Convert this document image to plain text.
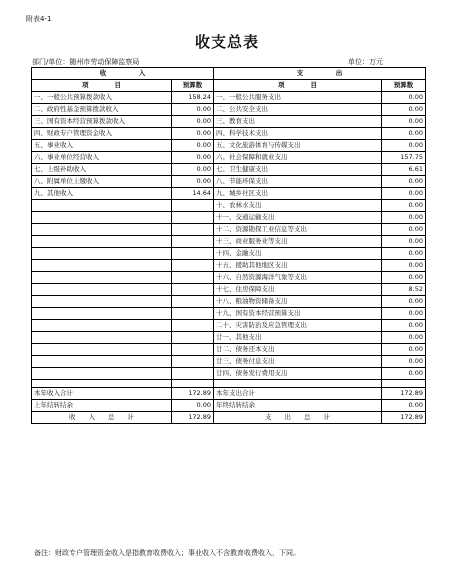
附表4-1
收支总表
部门/单位：随州市劳动保障监察局	单位：万元
收　　　　　入		支　　　　　出	
项　　　　目	预算数	项　　　　目	预算数
一、一般公共预算拨款收入	158.24	一、一般公共服务支出	0.00
二、政府性基金预算拨款收入	0.00	二、公共安全支出	0.00
三、国有资本经营预算拨款收入	0.00	三、教育支出	0.00
四、财政专户管理资金收入	0.00	四、科学技术支出	0.00
五、事业收入	0.00	五、文化旅游体育与传媒支出	0.00
六、事业单位经营收入	0.00	六、社会保障和就业支出	157.75
七、上级补助收入	0.00	七、卫生健康支出	6.61
八、附属单位上缴收入	0.00	八、节能环保支出	0.00
九、其他收入	14.64	九、城乡社区支出	0.00
		十、农林水支出	0.00
		十一、交通运输支出	0.00
		十二、资源勘探工业信息等支出	0.00
		十三、商业服务业等支出	0.00
		十四、金融支出	0.00
		十五、援助其他地区支出	0.00
		十六、自然资源海洋气象等支出	0.00
		十七、住房保障支出	8.52
		十八、粮油物资储备支出	0.00
		十九、国有资本经营预算支出	0.00
		二十、灾害防治及应急管理支出	0.00
		廿一、其他支出	0.00
		廿二、债务还本支出	0.00
		廿三、债务付息支出	0.00
		廿四、债务发行费用支出	0.00

本年收入合计	172.89	本年支出合计	172.89
上年结转结余	0.00	年终结转结余	0.00
收　　入　　总　　计	172.89	支　　出　　总　　计	172.89
备注：财政专户管理资金收入是指教育收费收入；事业收入不含教育收费收入，下同。
